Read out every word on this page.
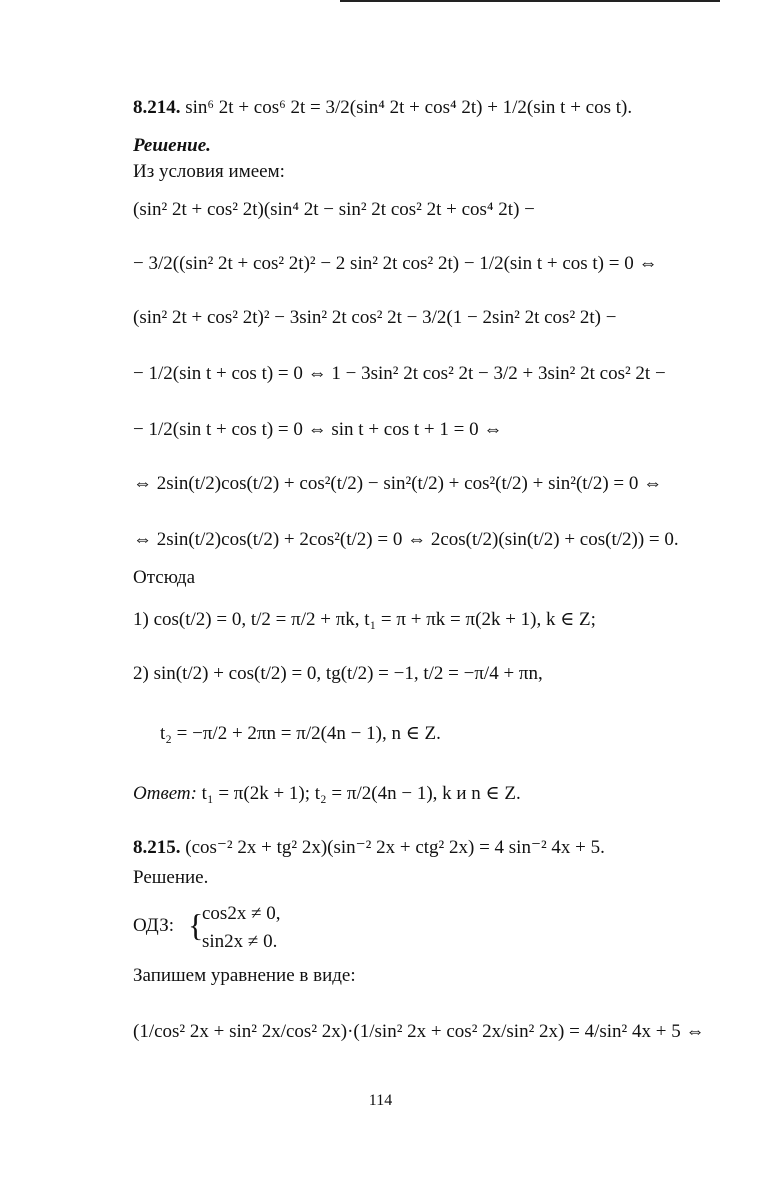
8.214. sin⁶ 2t + cos⁶ 2t = 3/2(sin⁴ 2t + cos⁴ 2t) + 1/2(sin t + cos t).
Решение.
Из условия имеем:
(sin² 2t + cos² 2t)(sin⁴ 2t − sin² 2t cos² 2t + cos⁴ 2t) −
− 3/2((sin² 2t + cos² 2t)² − 2 sin² 2t cos² 2t) − 1/2(sin t + cos t) = 0 ⇔
(sin² 2t + cos² 2t)² − 3sin² 2t cos² 2t − 3/2(1 − 2sin² 2t cos² 2t) −
− 1/2(sin t + cos t) = 0 ⇔ 1 − 3sin² 2t cos² 2t − 3/2 + 3sin² 2t cos² 2t −
− 1/2(sin t + cos t) = 0 ⇔ sin t + cos t + 1 = 0 ⇔
⇔ 2sin(t/2)cos(t/2) + cos²(t/2) − sin²(t/2) + cos²(t/2) + sin²(t/2) = 0 ⇔
⇔ 2sin(t/2)cos(t/2) + 2cos²(t/2) = 0 ⇔ 2cos(t/2)(sin(t/2) + cos(t/2)) = 0.
Отсюда
1) cos(t/2) = 0, t/2 = π/2 + πk, t₁ = π + πk = π(2k + 1), k ∈ Z;
2) sin(t/2) + cos(t/2) = 0, tg(t/2) = −1, t/2 = −π/4 + πn,
t₂ = −π/2 + 2πn = π/2(4n − 1), n ∈ Z.
Ответ: t₁ = π(2k + 1); t₂ = π/2(4n − 1), k и n ∈ Z.
8.215. (cos⁻² 2x + tg² 2x)(sin⁻² 2x + ctg² 2x) = 4 sin⁻² 4x + 5.
Решение.
ОДЗ: {
cos2x ≠ 0,
sin2x ≠ 0.
Запишем уравнение в виде:
(1/cos² 2x + sin² 2x/cos² 2x)·(1/sin² 2x + cos² 2x/sin² 2x) = 4/sin² 4x + 5 ⇔
114
